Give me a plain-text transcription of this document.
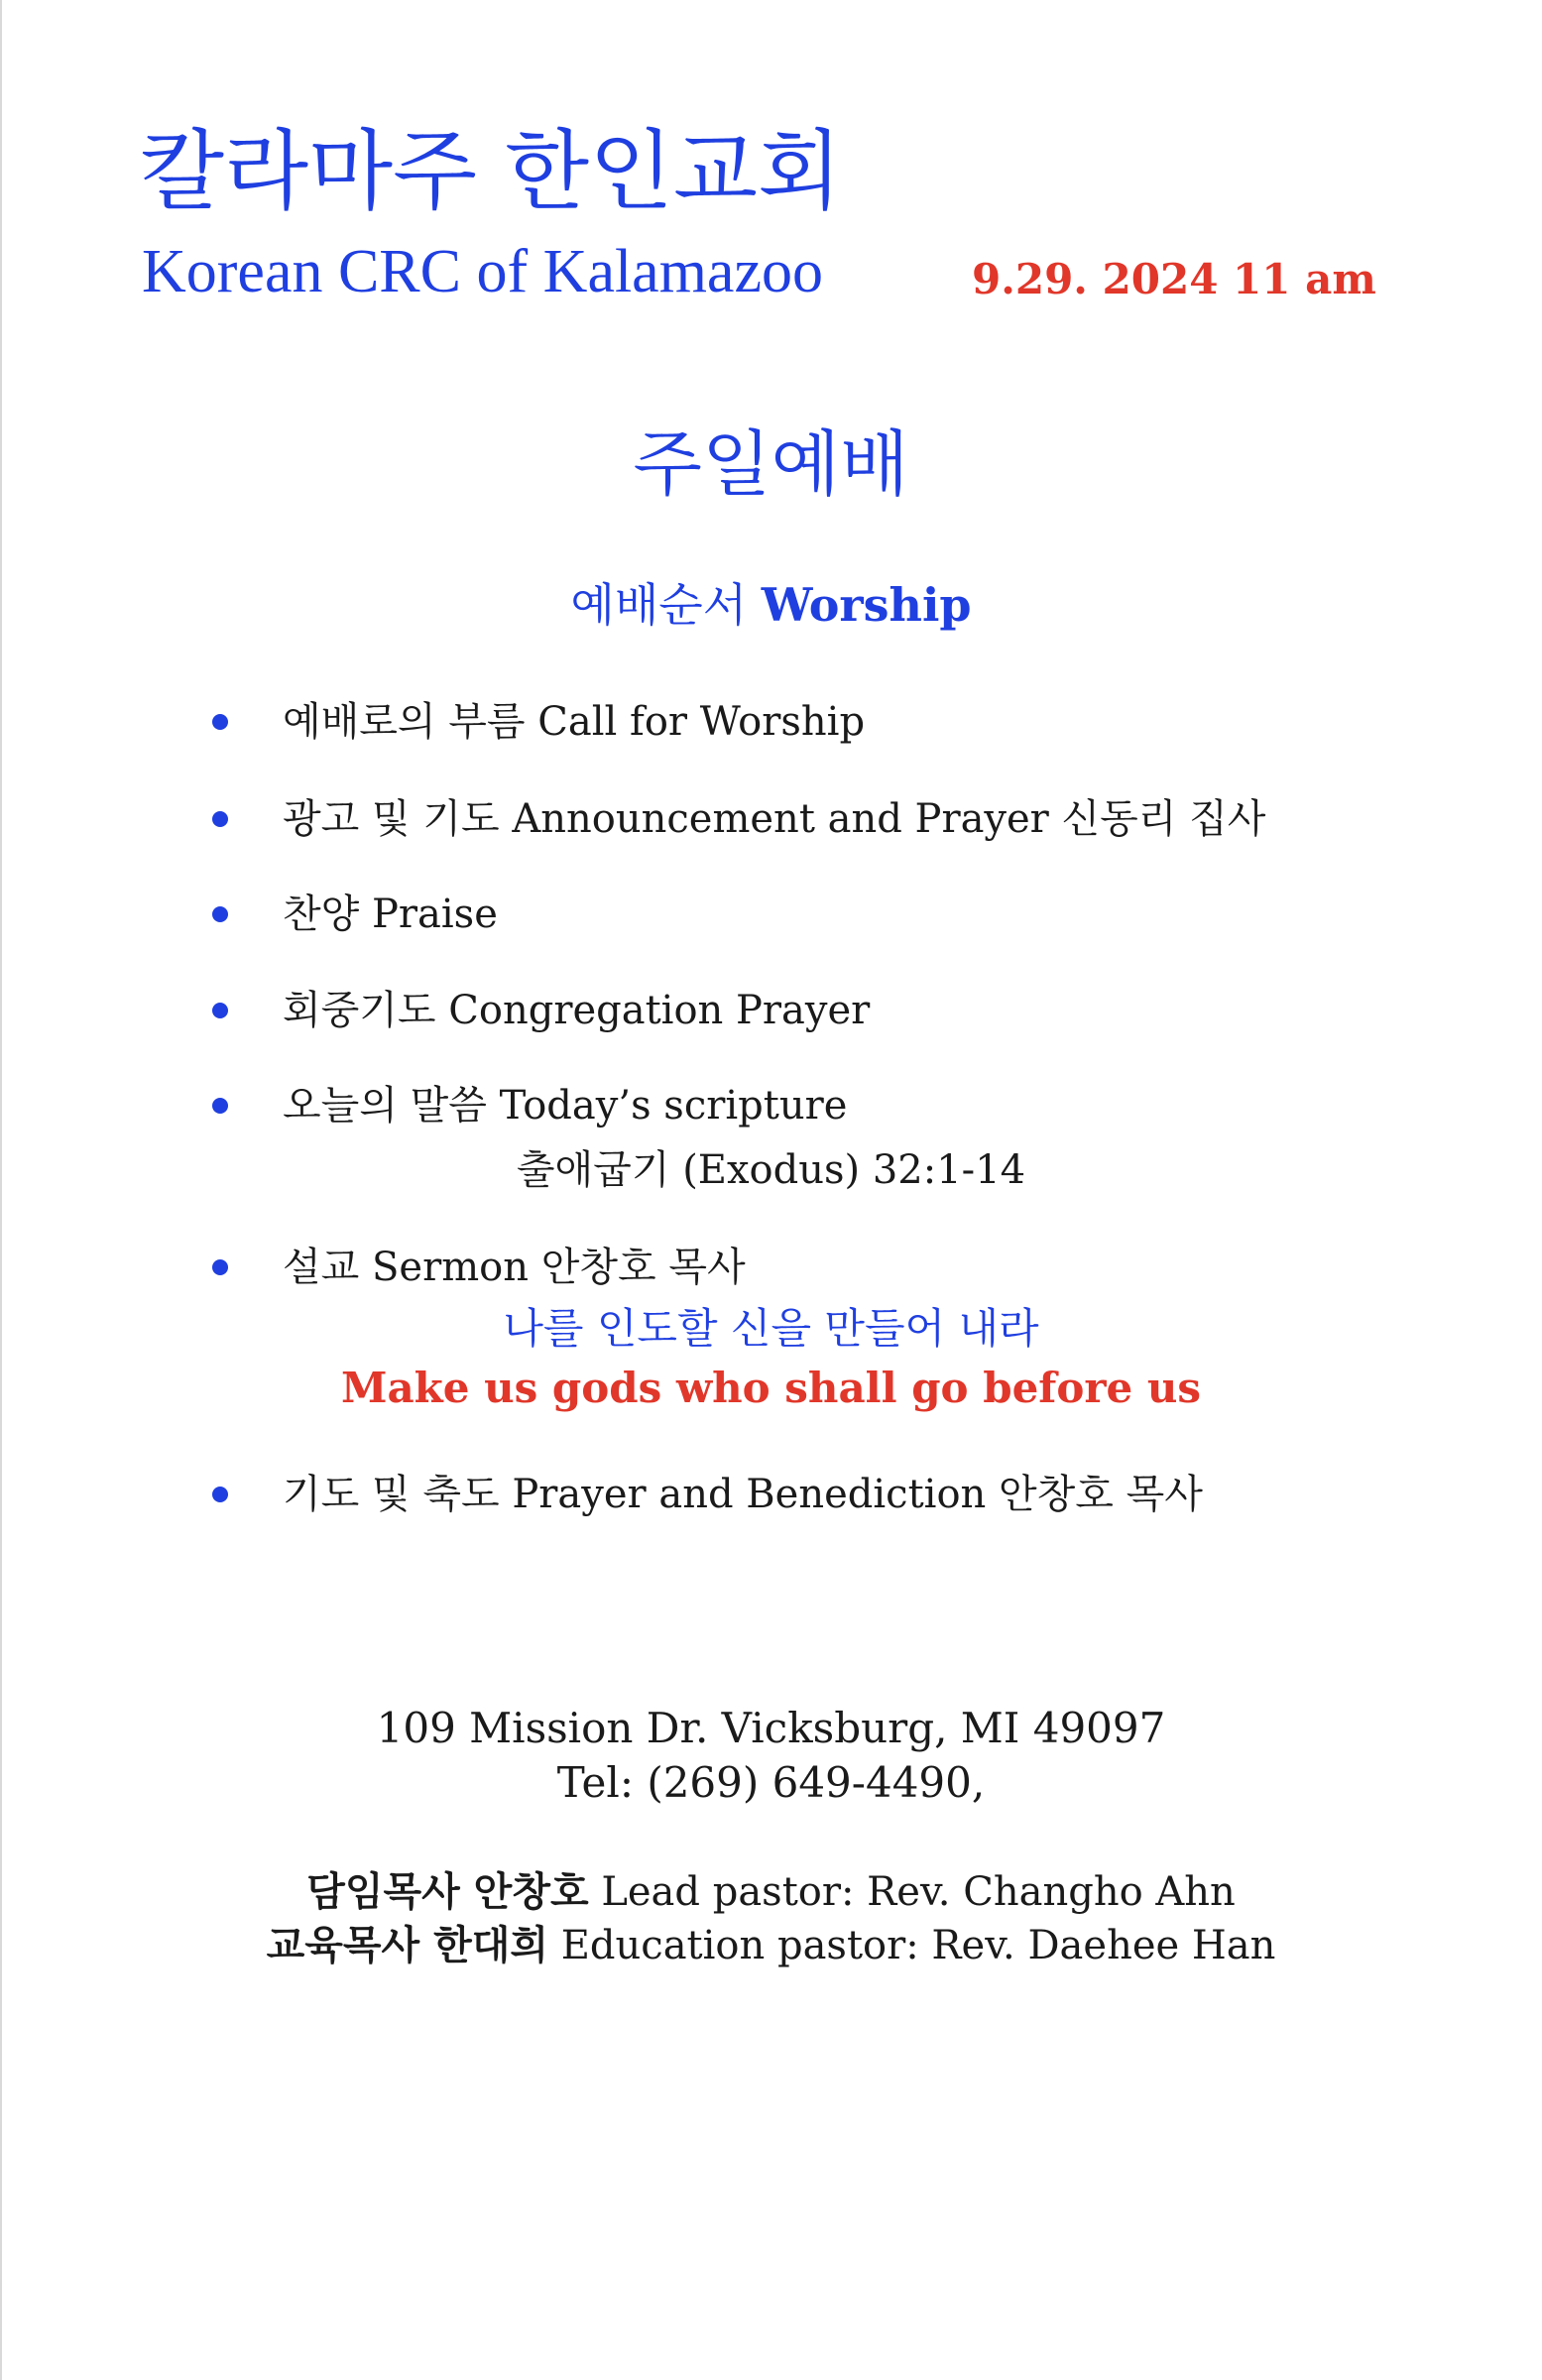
칼라마주 한인교회
Korean CRC of Kalamazoo	9.29. 2024 11 am
주일예배
예배순서 Worship
예배로의 부름 Call for Worship
광고 및 기도 Announcement and Prayer 신동리 집사
찬양 Praise
회중기도 Congregation Prayer
오늘의 말씀 Today’s scripture
출애굽기 (Exodus) 32:1-14
설교 Sermon 안창호 목사
나를 인도할 신을 만들어 내라
Make us gods who shall go before us
기도 및 축도 Prayer and Benediction 안창호 목사
109 Mission Dr. Vicksburg, MI 49097
Tel: (269) 649-4490,
담임목사 안창호 Lead pastor: Rev. Changho Ahn
교육목사 한대희 Education pastor: Rev. Daehee Han
